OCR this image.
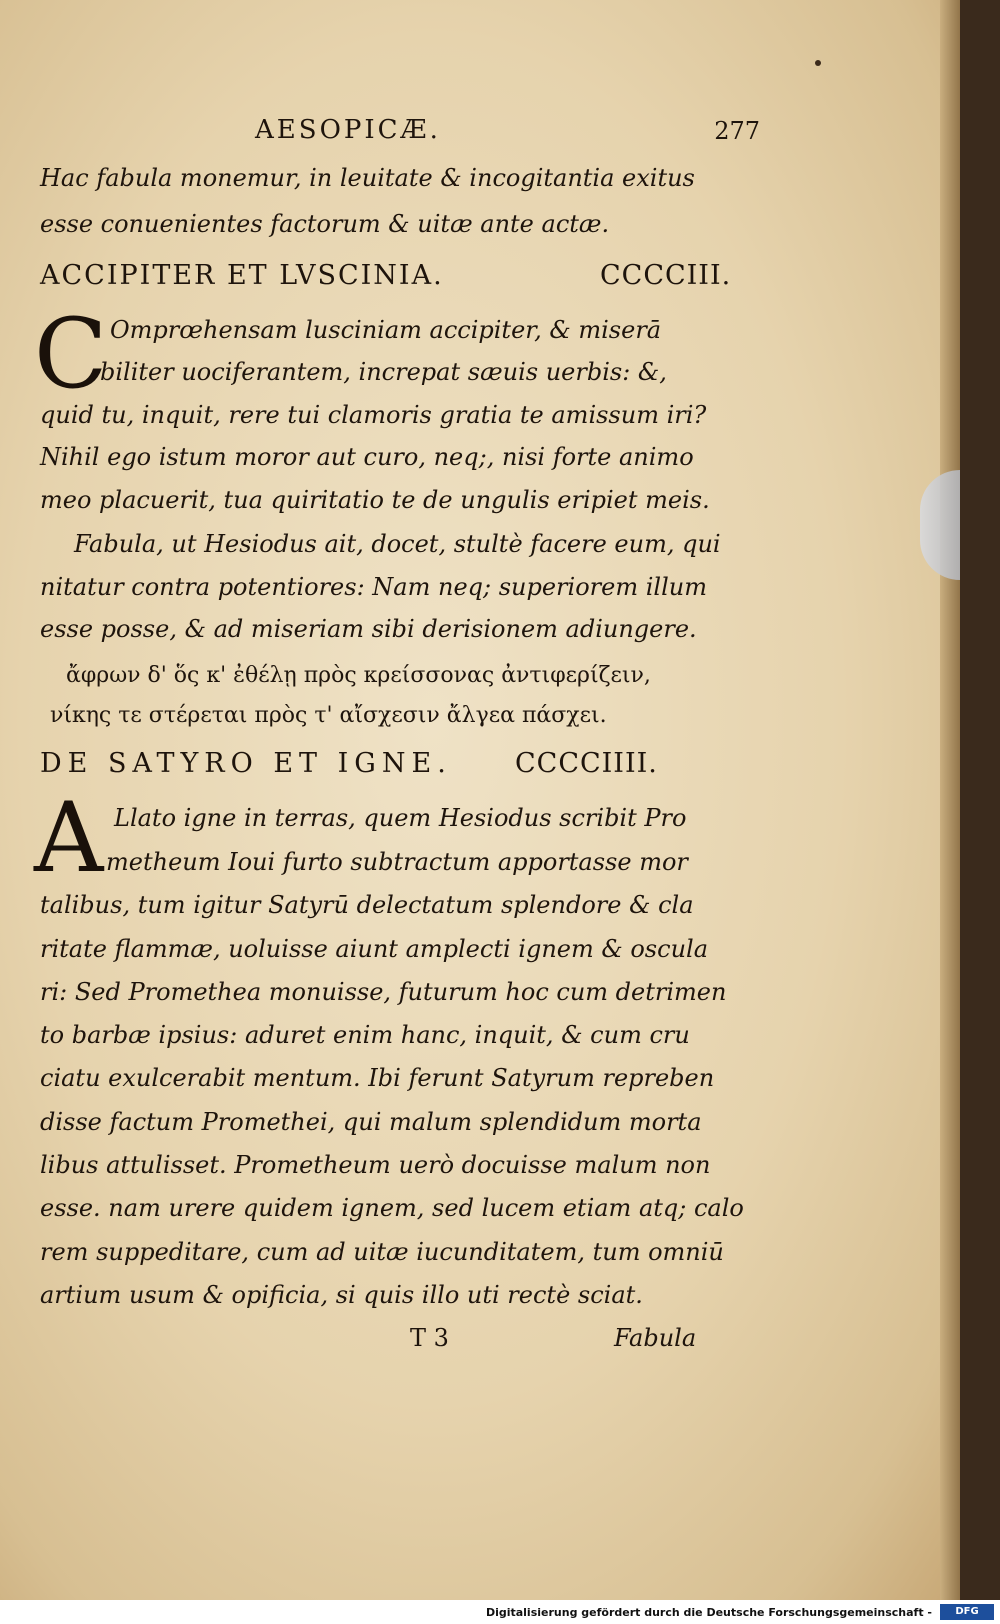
AESOPICÆ.	277
Hac fabula monemur, in leuitate & incogitantia exitus
esse conuenientes factorum & uitæ ante actæ.
ACCIPITER ET LVSCINIA.	CCCCIII.
C Omprœhensam lusciniam accipiter, & miserā
biliter uociferantem, increpat sæuis uerbis: &,
quid tu, inquit, rere tui clamoris gratia te amissum iri?
Nihil ego istum moror aut curo, neq;, nisi forte animo
meo placuerit, tua quiritatio te de ungulis eripiet meis.
Fabula, ut Hesiodus ait, docet, stultè facere eum, qui
nitatur contra potentiores: Nam neq; superiorem illum
esse posse, & ad miseriam sibi derisionem adiungere.
ἄφρων δ' ὅς κ' ἐθέλῃ πρὸς κρείσσονας ἀντιφερίζειν,
νίκης τε στέρεται πρὸς τ' αἴσχεσιν ἄλγεα πάσχει.
DE SATYRO ET IGNE. CCCCIIII.
A Llato igne in terras, quem Hesiodus scribit Pro
metheum Ioui furto subtractum apportasse mor
talibus, tum igitur Satyrū delectatum splendore & cla
ritate flammæ, uoluisse aiunt amplecti ignem & oscula
ri: Sed Promethea monuisse, futurum hoc cum detrimen
to barbæ ipsius: aduret enim hanc, inquit, & cum cru
ciatu exulcerabit mentum. Ibi ferunt Satyrum repreben
disse factum Promethei, qui malum splendidum morta
libus attulisset. Prometheum uerò docuisse malum non
esse. nam urere quidem ignem, sed lucem etiam atq; calo
rem suppeditare, cum ad uitæ iucunditatem, tum omniū
artium usum & opificia, si quis illo uti rectè sciat.
T 3	Fabula
Digitalisierung gefördert durch die Deutsche Forschungsgemeinschaft -	DFG
